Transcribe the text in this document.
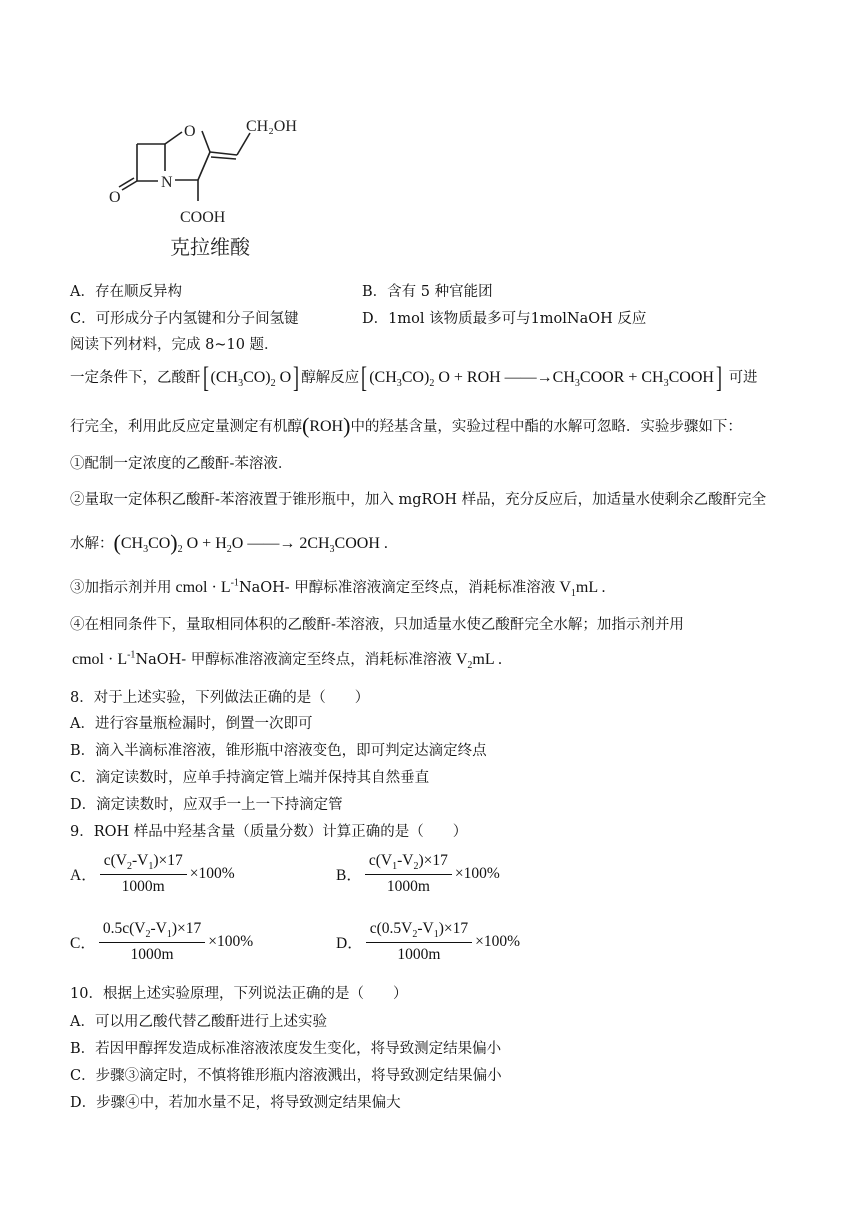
O
N
O
CH₂OH
COOH
克拉维酸
A．存在顺反异构	B．含有 5 种官能团
C．可形成分子内氢键和分子间氢键	D．1mol 该物质最多可与1molNaOH 反应
阅读下列材料，完成 8~10 题．
一定条件下，乙酸酐[ $(CH_3CO)_2$ O] 醇解反应[ $(CH_3CO)_2$ O + ROH $——\to CH_3COOR$ + $CH_3COOH$] 可进
行完全，利用此反应定量测定有机醇(ROH)中的羟基含量，实验过程中酯的水解可忽略．实验步骤如下：
①配制一定浓度的乙酸酐-苯溶液．
②量取一定体积乙酸酐-苯溶液置于锥形瓶中，加入 mgROH 样品，充分反应后，加适量水使剩余乙酸酐完全
水解：$(CH_3CO)_2$ $O + H_2O$ ——→ $2CH_3COOH$ .
③加指示剂并用 cmol · $L^{-1}NaOH-$ 甲醇标准溶液滴定至终点，消耗标准溶液 $V_1mL$ .
④在相同条件下，量取相同体积的乙酸酐-苯溶液，只加适量水使乙酸酐完全水解；加指示剂并用
cmol · $L^{-1}NaOH-$ 甲醇标准溶液滴定至终点，消耗标准溶液 $V_2mL$ .
8．对于上述实验，下列做法正确的是（　　）
A．进行容量瓶检漏时，倒置一次即可
B．滴入半滴标准溶液，锥形瓶中溶液变色，即可判定达滴定终点
C．滴定读数时，应单手持滴定管上端并保持其自然垂直
D．滴定读数时，应双手一上一下持滴定管
9．ROH 样品中羟基含量（质量分数）计算正确的是（　　）
A． $\frac{c(V_2-V_1)\times 17}{1000m} \times 100\%$	B． $\frac{c(V_1-V_2)\times 17}{1000m} \times 100\%$
C． $\frac{0.5c(V_2-V_1)\times 17}{1000m} \times 100\%$	D． $\frac{c(0.5V_2-V_1)\times 17}{1000m} \times 100\%$
10．根据上述实验原理，下列说法正确的是（　　）
A．可以用乙酸代替乙酸酐进行上述实验
B．若因甲醇挥发造成标准溶液浓度发生变化，将导致测定结果偏小
C．步骤③滴定时，不慎将锥形瓶内溶液溅出，将导致测定结果偏小
D．步骤④中，若加水量不足，将导致测定结果偏大
